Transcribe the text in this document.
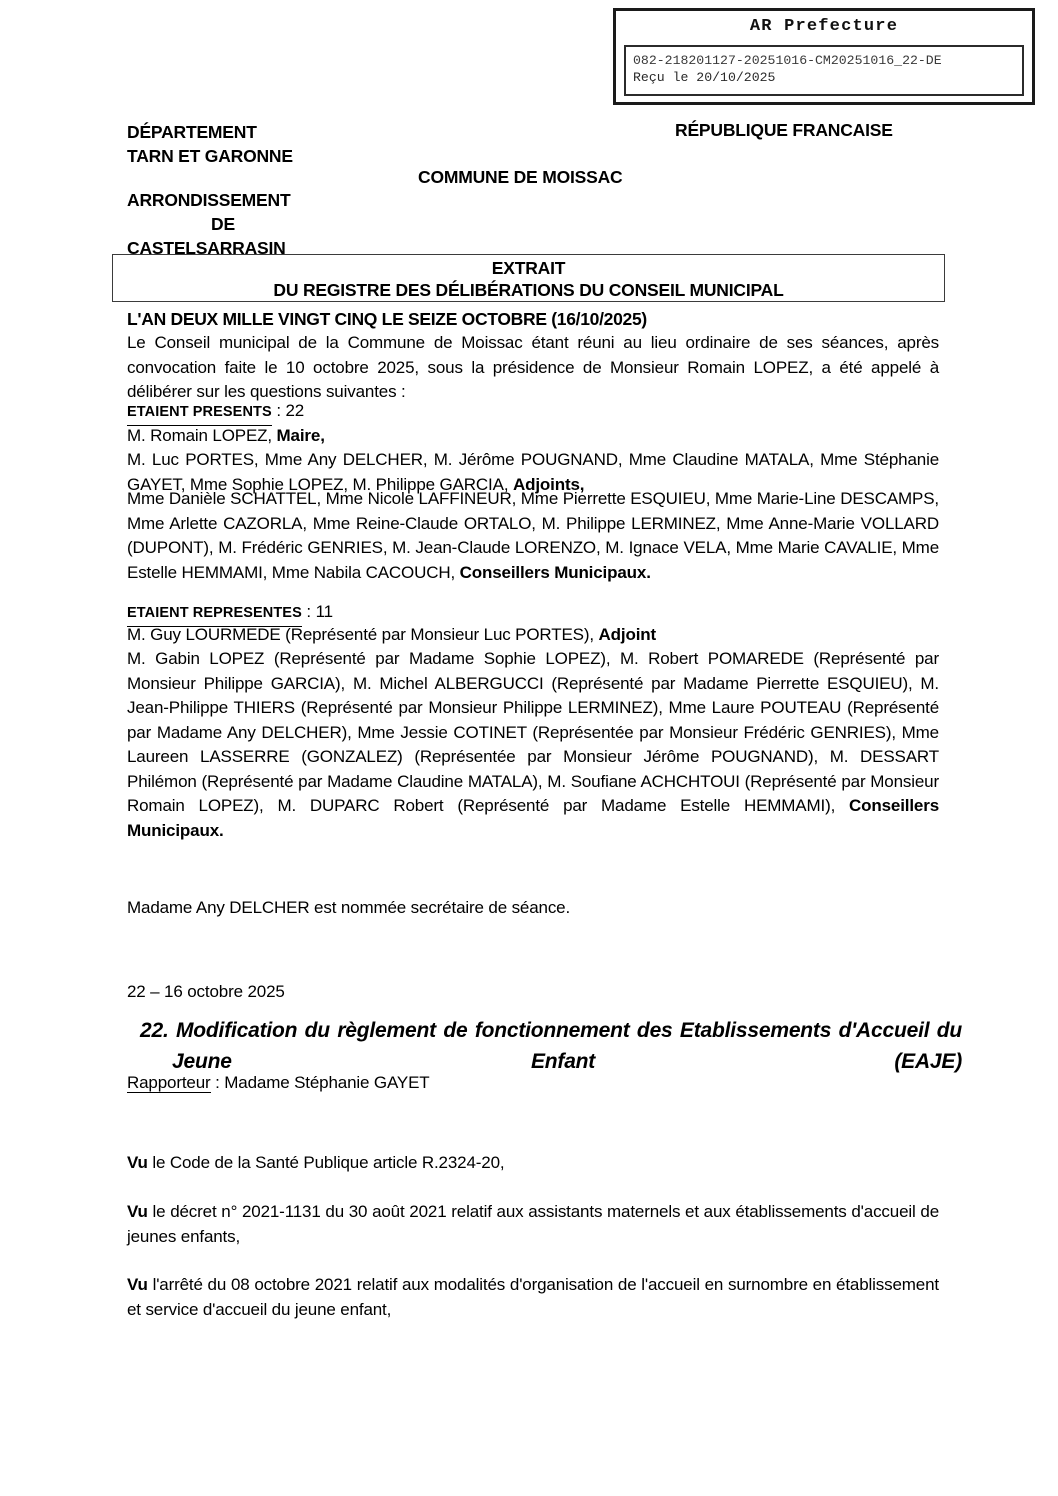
AR Prefecture
082-218201127-20251016-CM20251016_22-DE
Reçu le 20/10/2025
DÉPARTEMENT
TARN ET GARONNE
ARRONDISSEMENT
DE
CASTELSARRASIN
RÉPUBLIQUE FRANCAISE
COMMUNE DE MOISSAC
EXTRAIT
DU REGISTRE DES DÉLIBÉRATIONS DU CONSEIL MUNICIPAL
L'AN DEUX MILLE VINGT CINQ LE SEIZE OCTOBRE (16/10/2025)
Le Conseil municipal de la Commune de Moissac étant réuni au lieu ordinaire de ses séances, après convocation faite le 10 octobre 2025, sous la présidence de Monsieur Romain LOPEZ, a été appelé à délibérer sur les questions suivantes :
ETAIENT PRESENTS : 22
M. Romain LOPEZ, Maire,
M. Luc PORTES, Mme Any DELCHER, M. Jérôme POUGNAND, Mme Claudine MATALA, Mme Stéphanie GAYET, Mme Sophie LOPEZ, M. Philippe GARCIA, Adjoints,
Mme Danièle SCHATTEL, Mme Nicole LAFFINEUR, Mme Pierrette ESQUIEU, Mme Marie-Line DESCAMPS, Mme Arlette CAZORLA, Mme Reine-Claude ORTALO, M. Philippe LERMINEZ, Mme Anne-Marie VOLLARD (DUPONT), M. Frédéric GENRIES, M. Jean-Claude LORENZO, M. Ignace VELA, Mme Marie CAVALIE, Mme Estelle HEMMAMI, Mme Nabila CACOUCH, Conseillers Municipaux.
ETAIENT REPRESENTES : 11
M. Guy LOURMEDE (Représenté par Monsieur Luc PORTES), Adjoint
M. Gabin LOPEZ (Représenté par Madame Sophie LOPEZ), M. Robert POMAREDE (Représenté par Monsieur Philippe GARCIA), M. Michel ALBERGUCCI (Représenté par Madame Pierrette ESQUIEU), M. Jean-Philippe THIERS (Représenté par Monsieur Philippe LERMINEZ), Mme Laure POUTEAU (Représenté par Madame Any DELCHER), Mme Jessie COTINET (Représentée par Monsieur Frédéric GENRIES), Mme Laureen LASSERRE (GONZALEZ) (Représentée par Monsieur Jérôme POUGNAND), M. DESSART Philémon (Représenté par Madame Claudine MATALA), M. Soufiane ACHCHTOUI (Représenté par Monsieur Romain LOPEZ), M. DUPARC Robert (Représenté par Madame Estelle HEMMAMI), Conseillers Municipaux.
Madame Any DELCHER est nommée secrétaire de séance.
22 – 16 octobre 2025
22. Modification du règlement de fonctionnement des Etablissements d'Accueil du Jeune Enfant (EAJE)
Rapporteur : Madame Stéphanie GAYET
Vu le Code de la Santé Publique article R.2324-20,
Vu le décret n° 2021-1131 du 30 août 2021 relatif aux assistants maternels et aux établissements d'accueil de jeunes enfants,
Vu l'arrêté du 08 octobre 2021 relatif aux modalités d'organisation de l'accueil en surnombre en établissement et service d'accueil du jeune enfant,
